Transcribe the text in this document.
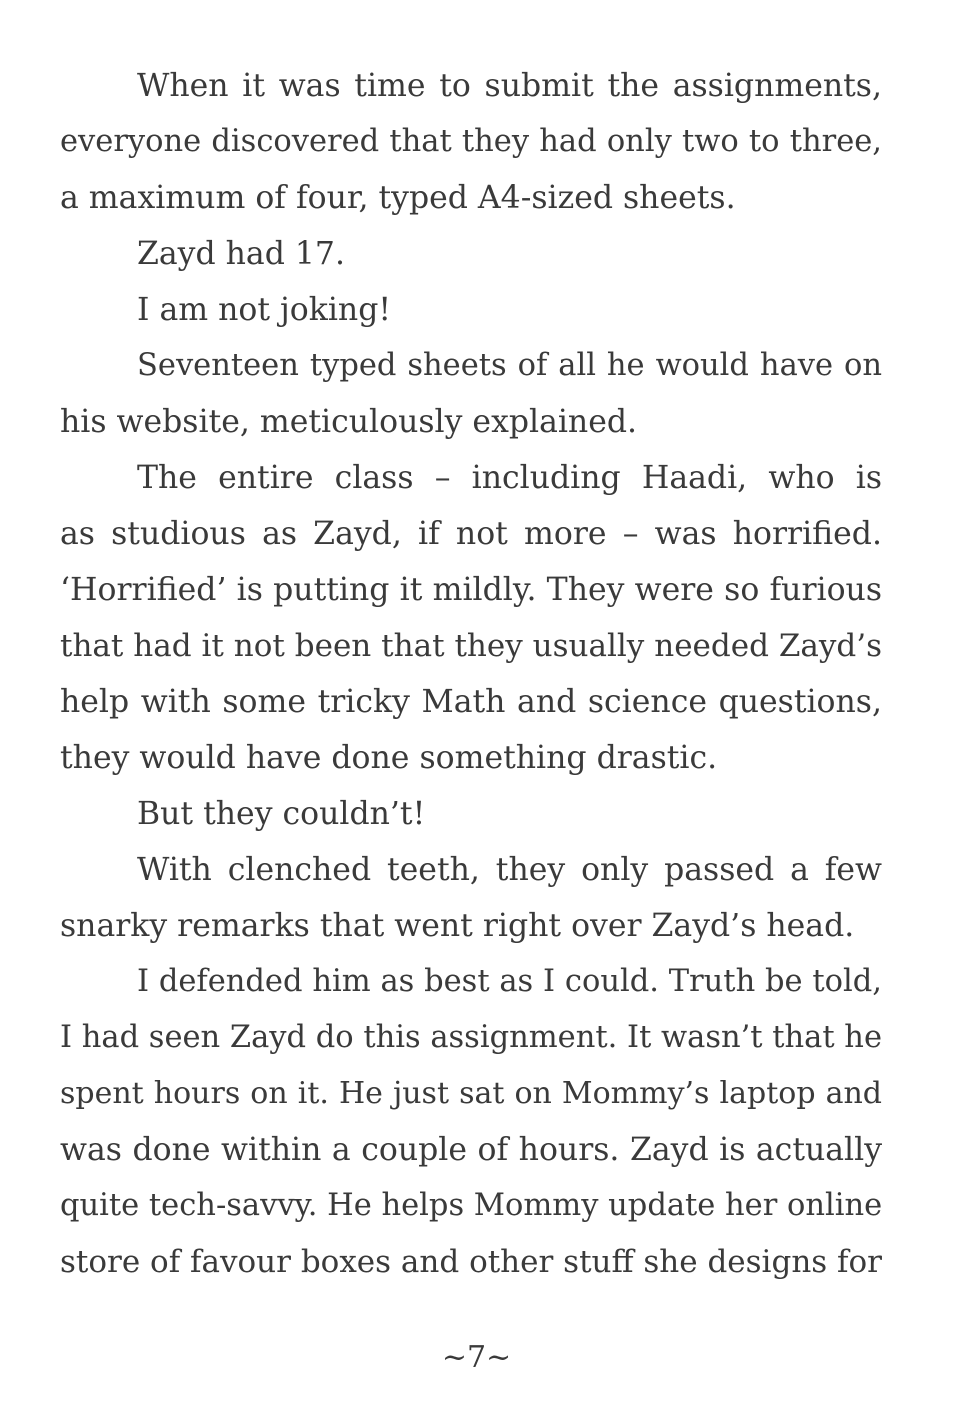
When it was time to submit the assignments,
everyone discovered that they had only two to three,
a maximum of four, typed A4-sized sheets.
Zayd had 17.
I am not joking!
Seventeen typed sheets of all he would have on
his website, meticulously explained.
The entire class – including Haadi, who is
as studious as Zayd, if not more – was horrified.
‘Horrified’ is putting it mildly. They were so furious
that had it not been that they usually needed Zayd’s
help with some tricky Math and science questions,
they would have done something drastic.
But they couldn’t!
With clenched teeth, they only passed a few
snarky remarks that went right over Zayd’s head.
I defended him as best as I could. Truth be told,
I had seen Zayd do this assignment. It wasn’t that he
spent hours on it. He just sat on Mommy’s laptop and
was done within a couple of hours. Zayd is actually
quite tech-savvy. He helps Mommy update her online
store of favour boxes and other stuff she designs for
~7~
